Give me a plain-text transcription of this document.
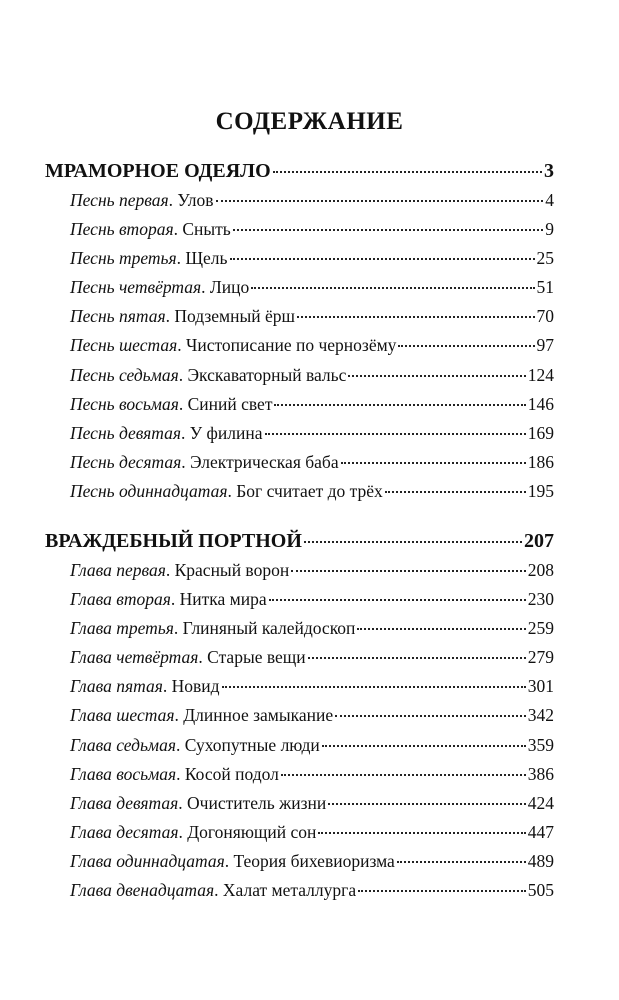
СОДЕРЖАНИЕ
МРАМОРНОЕ ОДЕЯЛО	3
Песнь первая. Улов	4
Песнь вторая. Сныть	9
Песнь третья. Щель	25
Песнь четвёртая. Лицо	51
Песнь пятая. Подземный ёрш	70
Песнь шестая. Чистописание по чернозёму	97
Песнь седьмая. Экскаваторный вальс	124
Песнь восьмая. Синий свет	146
Песнь девятая. У филина	169
Песнь десятая. Электрическая баба	186
Песнь одиннадцатая. Бог считает до трёх	195
ВРАЖДЕБНЫЙ ПОРТНОЙ	207
Глава первая. Красный ворон	208
Глава вторая. Нитка мира	230
Глава третья. Глиняный калейдоскоп	259
Глава четвёртая. Старые вещи	279
Глава пятая. Новид	301
Глава шестая. Длинное замыкание	342
Глава седьмая. Сухопутные люди	359
Глава восьмая. Косой подол	386
Глава девятая. Очиститель жизни	424
Глава десятая. Догоняющий сон	447
Глава одиннадцатая. Теория бихевиоризма	489
Глава двенадцатая. Халат металлурга	505
